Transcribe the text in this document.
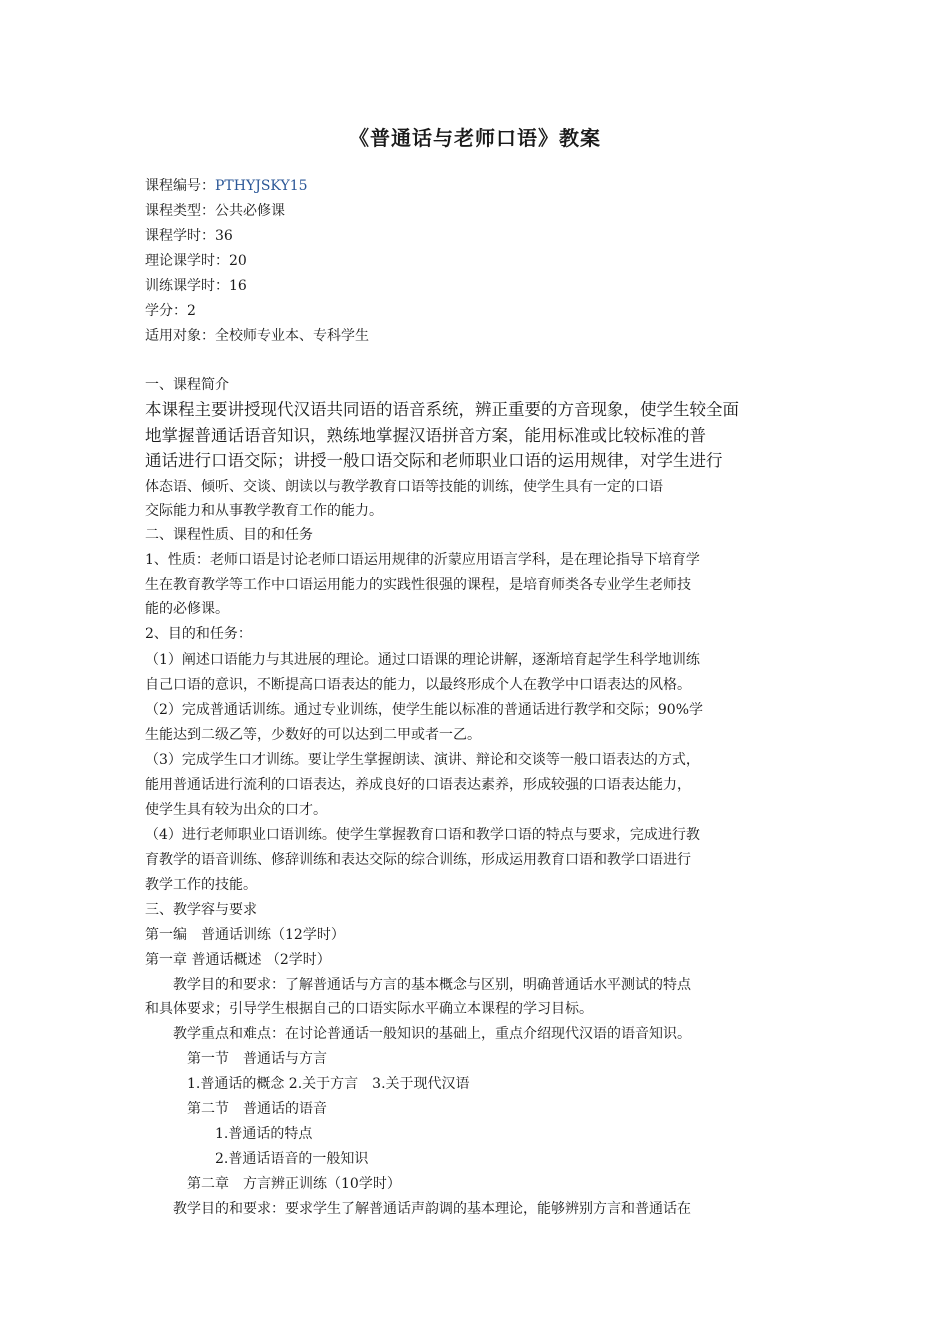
《普通话与老师口语》教案
课程编号：PTHYJSKY15
课程类型：公共必修课
课程学时：36
理论课学时：20
训练课学时：16
学分：2
适用对象：全校师专业本、专科学生
一、课程简介
本课程主要讲授现代汉语共同语的语音系统，辨正重要的方音现象，使学生较全面
地掌握普通话语音知识，熟练地掌握汉语拼音方案，能用标准或比较标准的普
通话进行口语交际；讲授一般口语交际和老师职业口语的运用规律，对学生进行
体态语、倾听、交谈、朗读以与教学教育口语等技能的训练，使学生具有一定的口语
交际能力和从事教学教育工作的能力。
二、课程性质、目的和任务
1、性质：老师口语是讨论老师口语运用规律的沂蒙应用语言学科，是在理论指导下培育学
生在教育教学等工作中口语运用能力的实践性很强的课程，是培育师类各专业学生老师技
能的必修课。
2、目的和任务：
（1）阐述口语能力与其进展的理论。通过口语课的理论讲解，逐渐培育起学生科学地训练
自己口语的意识，不断提高口语表达的能力，以最终形成个人在教学中口语表达的风格。
（2）完成普通话训练。通过专业训练，使学生能以标准的普通话进行教学和交际；90%学
生能达到二级乙等，少数好的可以达到二甲或者一乙。
（3）完成学生口才训练。要让学生掌握朗读、演讲、辩论和交谈等一般口语表达的方式，
能用普通话进行流利的口语表达，养成良好的口语表达素养，形成较强的口语表达能力，
使学生具有较为出众的口才。
（4）进行老师职业口语训练。使学生掌握教育口语和教学口语的特点与要求，完成进行教
育教学的语音训练、修辞训练和表达交际的综合训练，形成运用教育口语和教学口语进行
教学工作的技能。
三、教学容与要求
第一编　普通话训练（12学时）
第一章 普通话概述 （2学时）
　　教学目的和要求：了解普通话与方言的基本概念与区别，明确普通话水平测试的特点
和具体要求；引导学生根据自己的口语实际水平确立本课程的学习目标。
　　教学重点和难点：在讨论普通话一般知识的基础上，重点介绍现代汉语的语音知识。
　　　第一节　普通话与方言
　　　1.普通话的概念 2.关于方言　3.关于现代汉语
　　　第二节　普通话的语音
　　　　　1.普通话的特点
　　　　　2.普通话语音的一般知识
　　　第二章　方言辨正训练（10学时）
　　教学目的和要求：要求学生了解普通话声韵调的基本理论，能够辨别方言和普通话在
